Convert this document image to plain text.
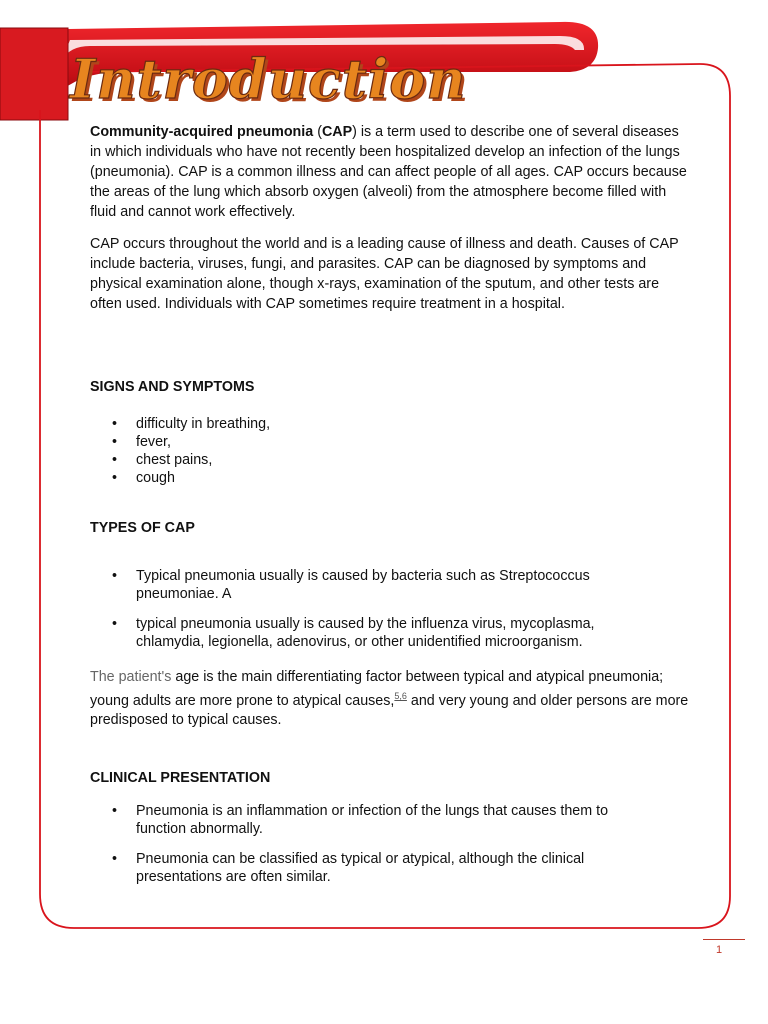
Introduction

Community-acquired pneumonia (CAP) is a term used to describe one of several diseases in which individuals who have not recently been hospitalized develop an infection of the lungs (pneumonia). CAP is a common illness and can affect people of all ages. CAP occurs because the areas of the lung which absorb oxygen (alveoli) from the atmosphere become filled with fluid and cannot work effectively.

CAP occurs throughout the world and is a leading cause of illness and death. Causes of CAP include bacteria, viruses, fungi, and parasites. CAP can be diagnosed by symptoms and physical examination alone, though x-rays, examination of the sputum, and other tests are often used. Individuals with CAP sometimes require treatment in a hospital.

SIGNS AND SYMPTOMS
• difficulty in breathing,
• fever,
• chest pains,
• cough
TYPES OF CAP
• Typical pneumonia usually is caused by bacteria such as Streptococcus pneumoniae. A
• typical pneumonia usually is caused by the influenza virus, mycoplasma, chlamydia, legionella, adenovirus, or other unidentified microorganism.

The patient's age is the main differentiating factor between typical and atypical pneumonia; young adults are more prone to atypical causes,$^{5,6}$ and very young and older persons are more predisposed to typical causes.

CLINICAL PRESENTATION
• Pneumonia is an inflammation or infection of the lungs that causes them to function abnormally.
• Pneumonia can be classified as typical or atypical, although the clinical presentations are often similar.
1
